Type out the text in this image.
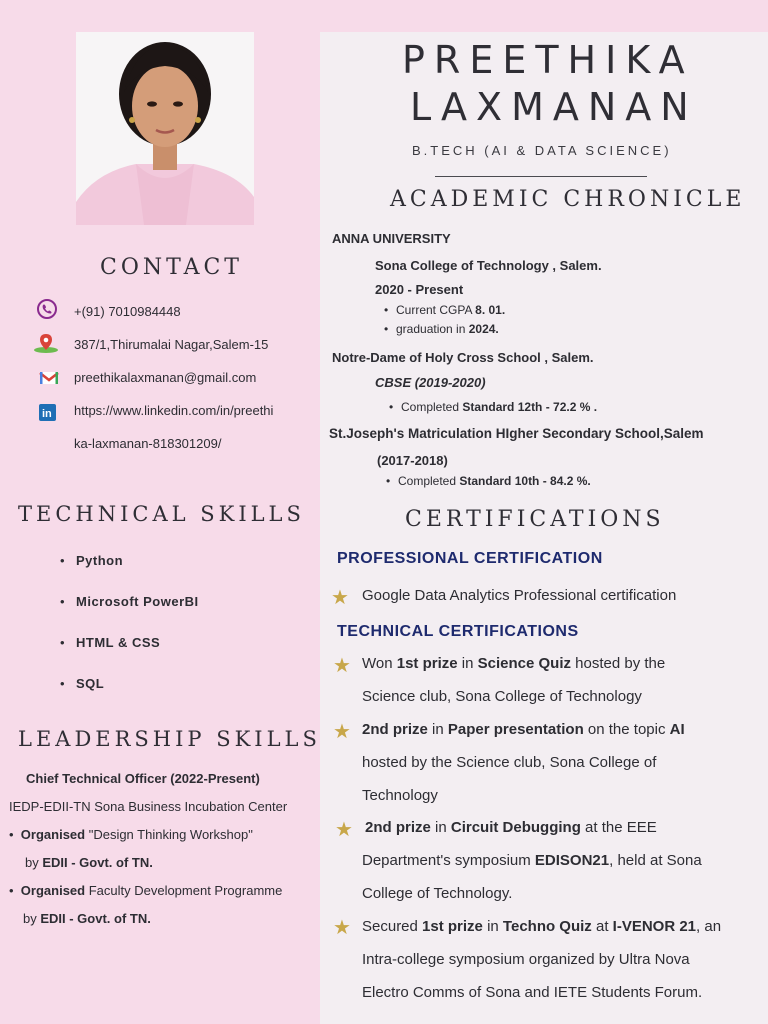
PREETHIKA
LAXMANAN
B.TECH (AI & DATA SCIENCE)
CONTACT
+(91) 7010984448
387/1,Thirumalai Nagar,Salem-15
preethikalaxmanan@gmail.com
in https://www.linkedin.com/in/preethi
ka-laxmanan-818301209/
TECHNICAL SKILLS
• Python
• Microsoft PowerBI
• HTML & CSS
• SQL
LEADERSHIP SKILLS
Chief Technical Officer (2022-Present)
IEDP-EDII-TN Sona Business Incubation Center
• Organised "Design Thinking Workshop"
by EDII - Govt. of TN.
• Organised Faculty Development Programme
by EDII - Govt. of TN.
ACADEMIC CHRONICLE
ANNA UNIVERSITY
Sona College of Technology , Salem.
2020 - Present
Current CGPA 8. 01.
graduation in 2024.
Notre-Dame of Holy Cross School , Salem.
CBSE (2019-2020)
Completed Standard 12th - 72.2 % .
St.Joseph's Matriculation HIgher Secondary School,Salem
(2017-2018)
Completed Standard 10th - 84.2 %.
CERTIFICATIONS
PROFESSIONAL CERTIFICATION
★ Google Data Analytics Professional certification
TECHNICAL CERTIFICATIONS
★ Won 1st prize in Science Quiz hosted by the
Science club, Sona College of Technology
★ 2nd prize in Paper presentation on the topic AI
hosted by the Science club, Sona College of
Technology
★ 2nd prize in Circuit Debugging at the EEE
Department's symposium EDISON21, held at Sona
College of Technology.
★ Secured 1st prize in Techno Quiz at I-VENOR 21, an
Intra-college symposium organized by Ultra Nova
Electro Comms of Sona and IETE Students Forum.
